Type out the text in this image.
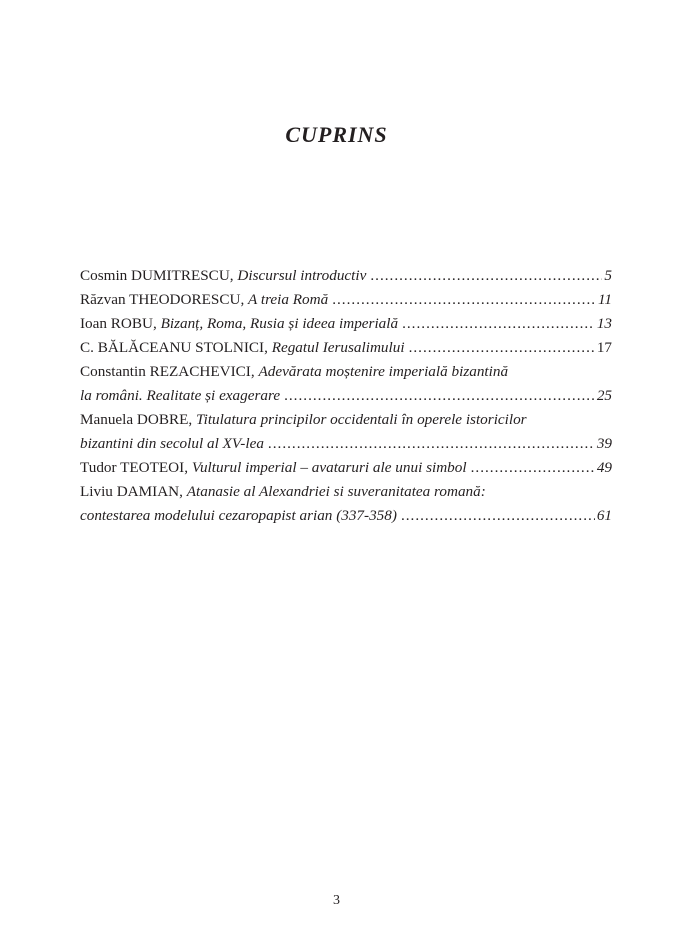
CUPRINS
Cosmin DUMITRESCU, Discursul introductiv .....	5
Răzvan THEODORESCU, A treia Romă .....	11
Ioan ROBU, Bizanț, Roma, Rusia și ideea imperială .....	13
C. BĂLĂCEANU STOLNICI, Regatul Ierusalimului .....	17
Constantin REZACHEVICI, Adevărata moștenire imperială bizantină
la români. Realitate și exagerare .....	25
Manuela DOBRE, Titulatura principilor occidentali în operele istoricilor
bizantini din secolul al XV-lea .....	39
Tudor TEOTEOI, Vulturul imperial – avataruri ale unui simbol .....	49
Liviu DAMIAN, Atanasie al Alexandriei si suveranitatea romană:
contestarea modelului cezaropapist arian (337-358) .....	61
3
